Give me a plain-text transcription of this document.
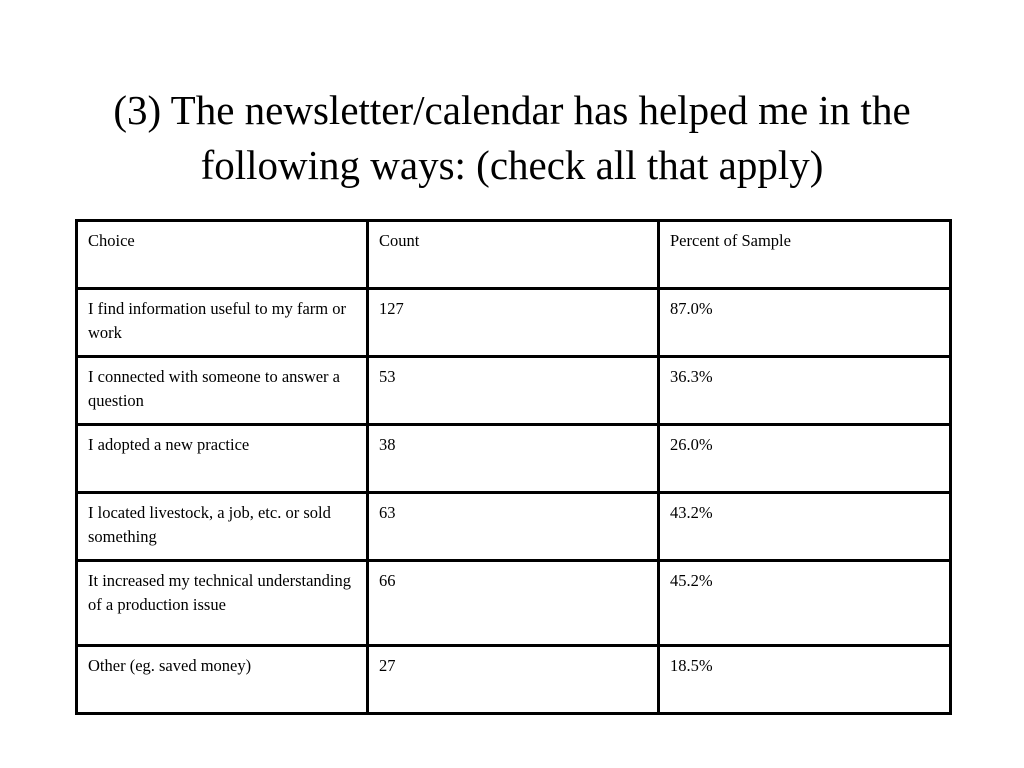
(3) The newsletter/calendar has helped me in the following ways: (check all that apply)
Choice	Count	Percent of Sample
I find information useful to my farm or work	127	87.0%
I connected with someone to answer a question	53	36.3%
I adopted a new practice	38	26.0%
I located livestock, a job, etc. or sold something	63	43.2%
It increased my technical understanding of a production issue	66	45.2%
Other (eg. saved money)	27	18.5%
